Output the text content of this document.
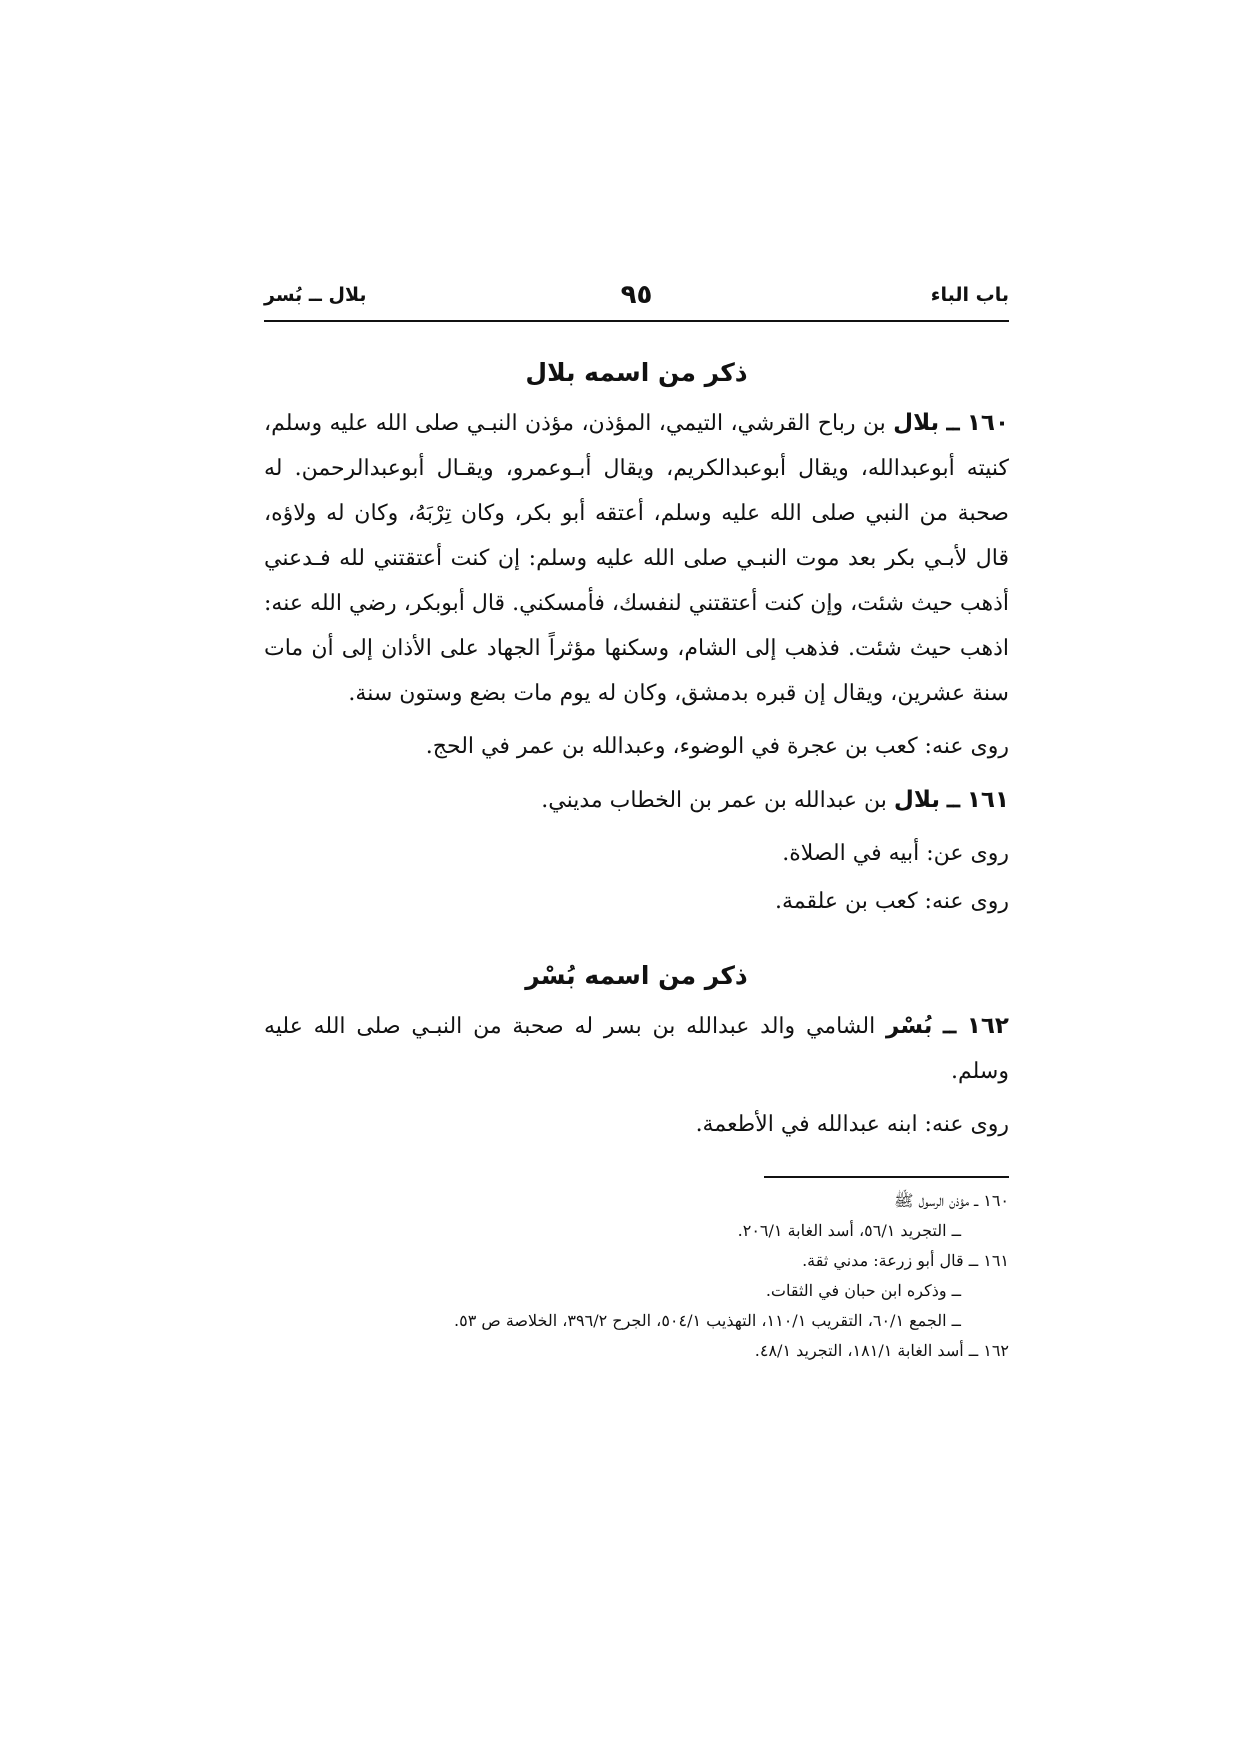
باب الباء
٩٥
بلال ــ بُسر
ذكر من اسمه بلال

١٦٠ ــ بلال بن رباح القرشي، التيمي، المؤذن، مؤذن النبـي صلى الله عليه وسلم، كنيته أبوعبدالله، ويقال أبوعبدالكريم، ويقال أبـوعمرو، ويقـال أبوعبدالرحمن. له صحبة من النبي صلى الله عليه وسلم، أعتقه أبو بكر، وكان تِرْبَهُ، وكان له ولاؤه، قال لأبـي بكر بعد موت النبـي صلى الله عليه وسلم: إن كنت أعتقتني لله فـدعني أذهب حيث شئت، وإن كنت أعتقتني لنفسك، فأمسكني. قال أبوبكر، رضي الله عنه: اذهب حيث شئت. فذهب إلى الشام، وسكنها مؤثراً الجهاد على الأذان إلى أن مات سنة عشرين، ويقال إن قبره بدمشق، وكان له يوم مات بضع وستون سنة.

روى عنه: كعب بن عجرة في الوضوء، وعبدالله بن عمر في الحج.

١٦١ ــ بلال بن عبدالله بن عمر بن الخطاب مديني.

روى عن: أبيه في الصلاة.

روى عنه: كعب بن علقمة.

ذكر من اسمه بُسْر

١٦٢ ــ بُسْر الشامي والد عبدالله بن بسر له صحبة من النبـي صلى الله عليه وسلم.

روى عنه: ابنه عبدالله في الأطعمة.

١٦٠ ــ مؤذن الرسول ﷺ
ــ التجريد ٥٦/١، أسد الغابة ٢٠٦/١.
١٦١ ــ قال أبو زرعة: مدني ثقة.
ــ وذكره ابن حبان في الثقات.
ــ الجمع ٦٠/١، التقريب ١١٠/١، التهذيب ٥٠٤/١، الجرح ٣٩٦/٢، الخلاصة ص ٥٣.
١٦٢ ــ أسد الغابة ١٨١/١، التجريد ٤٨/١.
